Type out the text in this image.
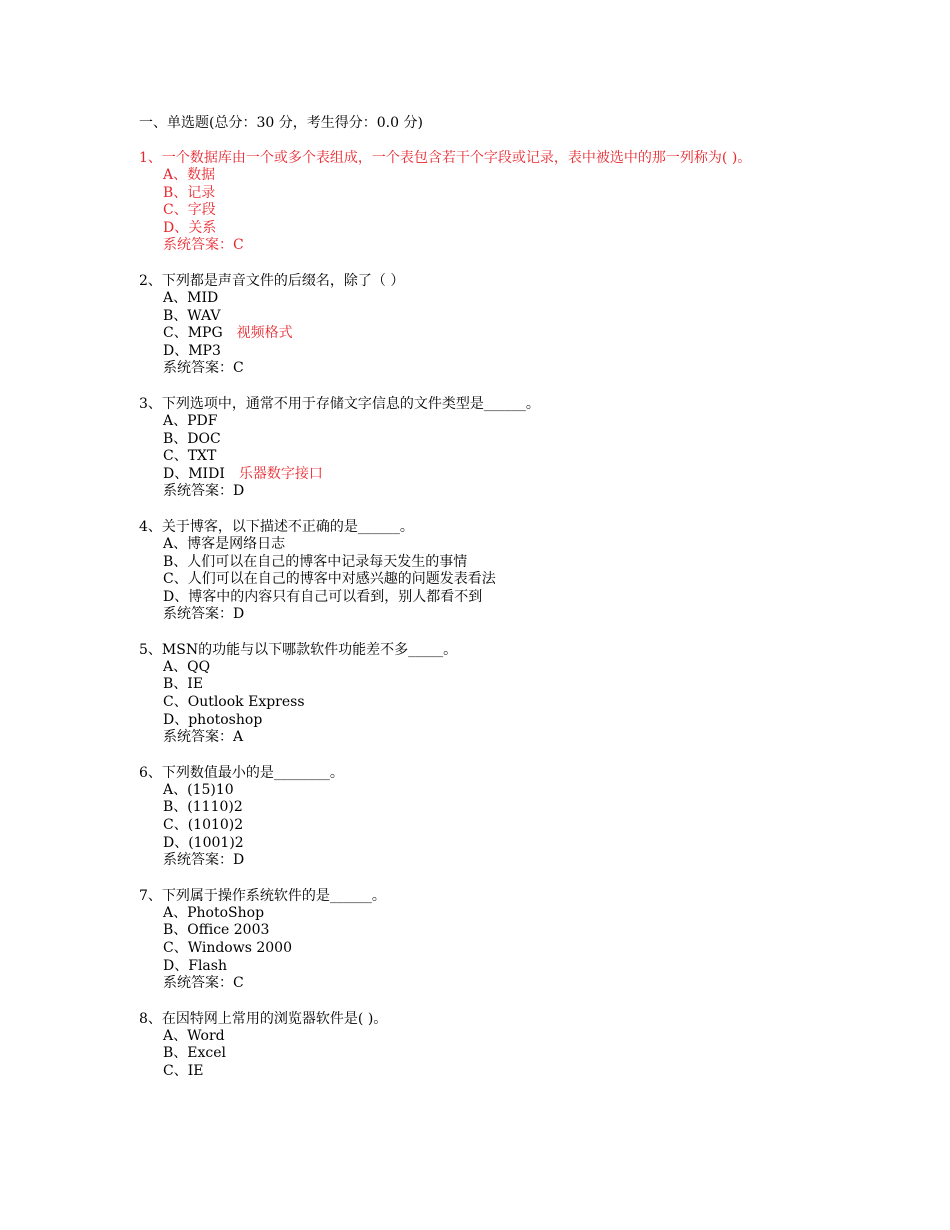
一、单选题(总分：30 分，考生得分：0.0 分)
1、一个数据库由一个或多个表组成，一个表包含若干个字段或记录，表中被选中的那一列称为( )。
A、数据
B、记录
C、字段
D、关系
系统答案：C
2、下列都是声音文件的后缀名，除了（ ）
A、MID
B、WAV
C、MPG 视频格式
D、MP3
系统答案：C
3、下列选项中，通常不用于存储文字信息的文件类型是______。
A、PDF
B、DOC
C、TXT
D、MIDI 乐器数字接口
系统答案：D
4、关于博客，以下描述不正确的是______。
A、博客是网络日志
B、人们可以在自己的博客中记录每天发生的事情
C、人们可以在自己的博客中对感兴趣的问题发表看法
D、博客中的内容只有自己可以看到，别人都看不到
系统答案：D
5、MSN的功能与以下哪款软件功能差不多_____。
A、QQ
B、IE
C、Outlook Express
D、photoshop
系统答案：A
6、下列数值最小的是________。
A、(15)10
B、(1110)2
C、(1010)2
D、(1001)2
系统答案：D
7、下列属于操作系统软件的是______。
A、PhotoShop
B、Office 2003
C、Windows 2000
D、Flash
系统答案：C
8、在因特网上常用的浏览器软件是( )。
A、Word
B、Excel
C、IE
